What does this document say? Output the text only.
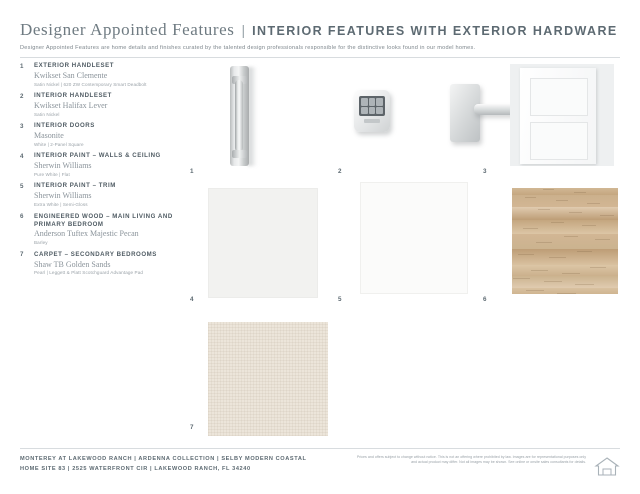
Designer Appointed Features | INTERIOR FEATURES WITH EXTERIOR HARDWARE
Designer Appointed Features are home details and finishes curated by the talented design professionals responsible for the distinctive looks found in our model homes.
1 EXTERIOR HANDLESET
Kwikset San Clemente
Satin Nickel | 620 ZW Contemporary Smart Deadbolt
2 INTERIOR HANDLESET
Kwikset Halifax Lever
Satin Nickel
3 INTERIOR DOORS
Masonite
White | 2-Panel Square
4 INTERIOR PAINT – WALLS & CEILING
Sherwin Williams
Pure White | Flat
5 INTERIOR PAINT – TRIM
Sherwin Williams
Extra White | Semi-Gloss
6 ENGINEERED WOOD – MAIN LIVING AND PRIMARY BEDROOM
Anderson Tuftex Majestic Pecan
Barley
7 CARPET – SECONDARY BEDROOMS
Shaw TB Golden Sands
Pearl | Leggett & Platt Scotchguard Advantage Pad
1	2	3
4	5	6
7
MONTEREY AT LAKEWOOD RANCH | ARDENNA COLLECTION | SELBY MODERN COASTAL
HOME SITE 83 | 2525 WATERFRONT CIR | LAKEWOOD RANCH, FL 34240
Prices and offers subject to change without notice. This is not an offering where prohibited by law. Images are for representational purposes only and actual product may differ. Not all images may be shown. See online or onsite sales consultants for details.
